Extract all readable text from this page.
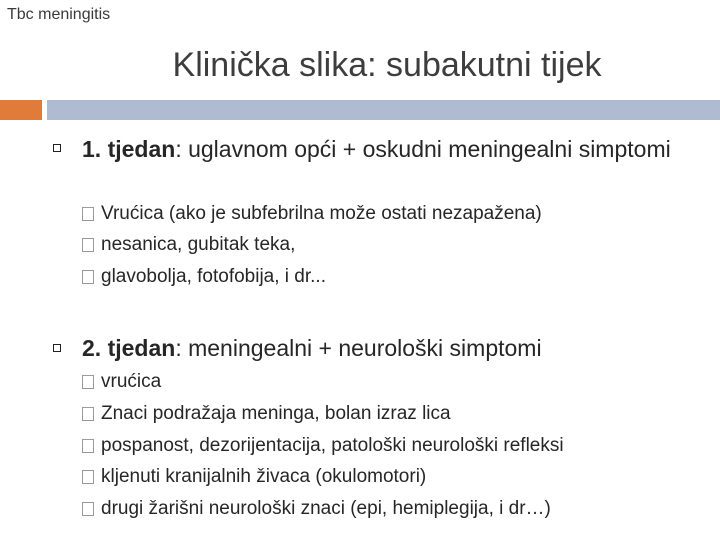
Tbc meningitis
Klinička slika: subakutni tijek
1. tjedan: uglavnom opći + oskudni meningealni simptomi
Vrućica (ako je subfebrilna može ostati nezapažena)
nesanica, gubitak teka,
glavobolja, fotofobija, i dr...
2. tjedan: meningealni + neurološki simptomi
vrućica
Znaci podražaja meninga, bolan izraz lica
pospanost, dezorijentacija, patološki neurološki refleksi
kljenuti kranijalnih živaca (okulomotori)
drugi žarišni neurološki znaci (epi, hemiplegija, i dr…)
